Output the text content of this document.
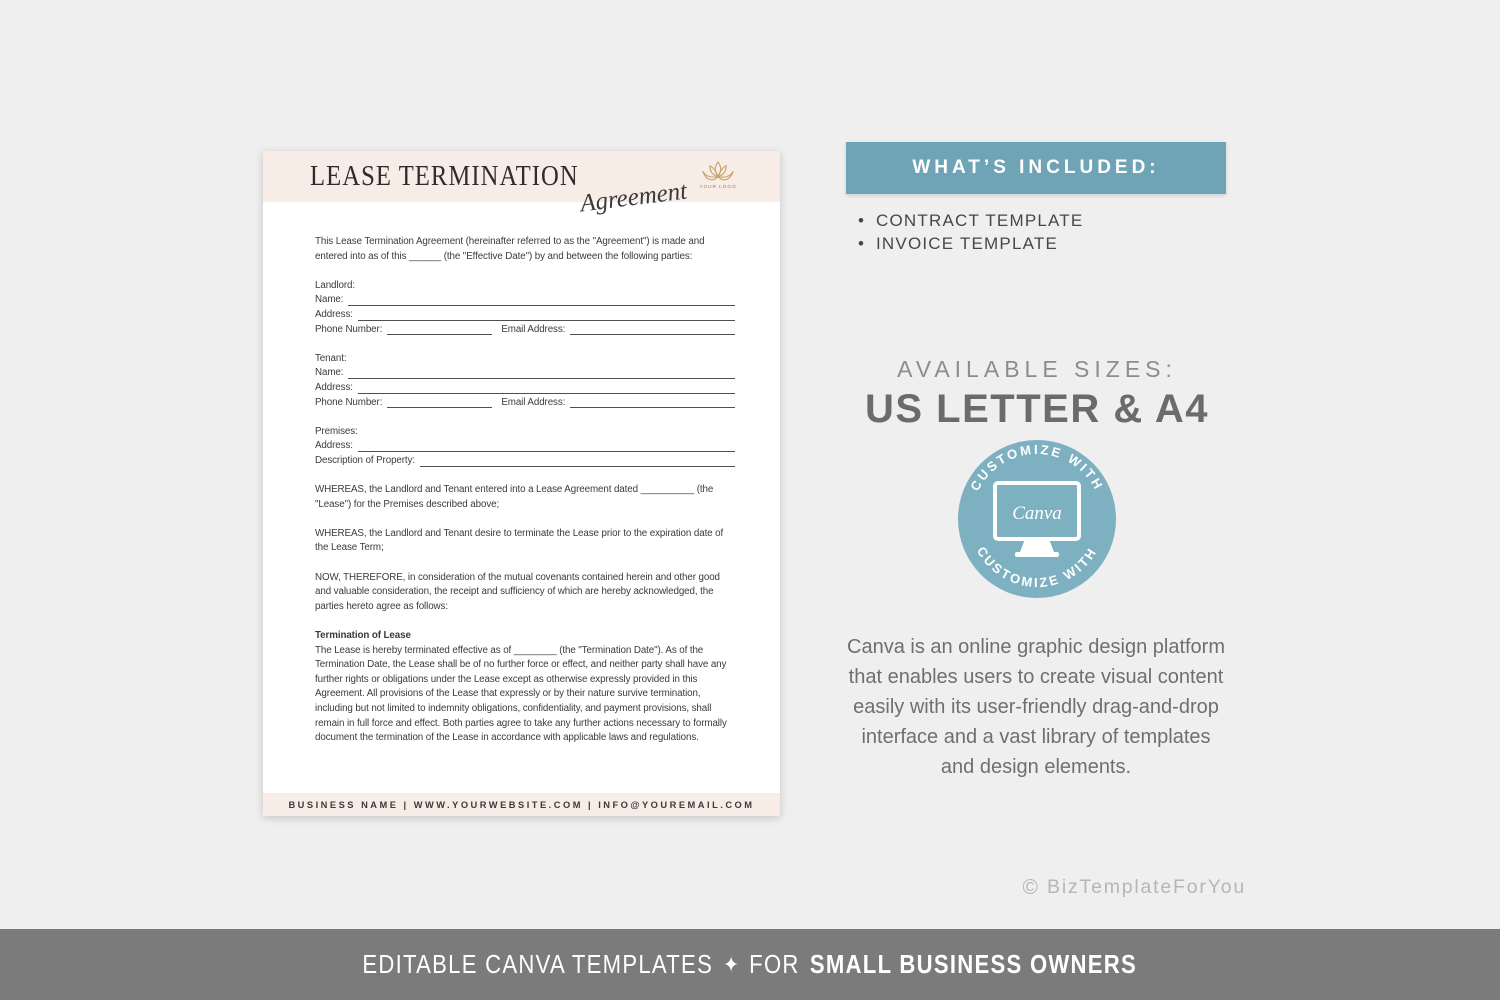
LEASE TERMINATION
Agreement	YOUR LOGO

This Lease Termination Agreement (hereinafter referred to as the "Agreement") is made and entered into as of this ______ (the "Effective Date") by and between the following parties:

Landlord:
Name:
Address:
Phone Number:	Email Address:
Tenant:
Name:
Address:
Phone Number:	Email Address:
Premises:
Address:
Description of Property:

WHEREAS, the Landlord and Tenant entered into a Lease Agreement dated __________ (the "Lease") for the Premises described above;

WHEREAS, the Landlord and Tenant desire to terminate the Lease prior to the expiration date of the Lease Term;

NOW, THEREFORE, in consideration of the mutual covenants contained herein and other good and valuable consideration, the receipt and sufficiency of which are hereby acknowledged, the parties hereto agree as follows:

Termination of Lease
The Lease is hereby terminated effective as of ________ (the "Termination Date"). As of the Termination Date, the Lease shall be of no further force or effect, and neither party shall have any further rights or obligations under the Lease except as otherwise expressly provided in this Agreement. All provisions of the Lease that expressly or by their nature survive termination, including but not limited to indemnity obligations, confidentiality, and payment provisions, shall remain in full force and effect. Both parties agree to take any further actions necessary to formally document the termination of the Lease in accordance with applicable laws and regulations.
BUSINESS NAME | WWW.YOURWEBSITE.COM | INFO@YOUREMAIL.COM
WHAT’S INCLUDED:
• CONTRACT TEMPLATE
• INVOICE TEMPLATE
AVAILABLE SIZES:
US LETTER & A4
CUSTOMIZE WITH
CUSTOMIZE WITH
Canva
Canva is an online graphic design platform
that enables users to create visual content
easily with its user-friendly drag-and-drop
interface and a vast library of templates
and design elements.
© BizTemplateForYou
EDITABLE CANVA TEMPLATES ✦ FOR SMALL BUSINESS OWNERS
